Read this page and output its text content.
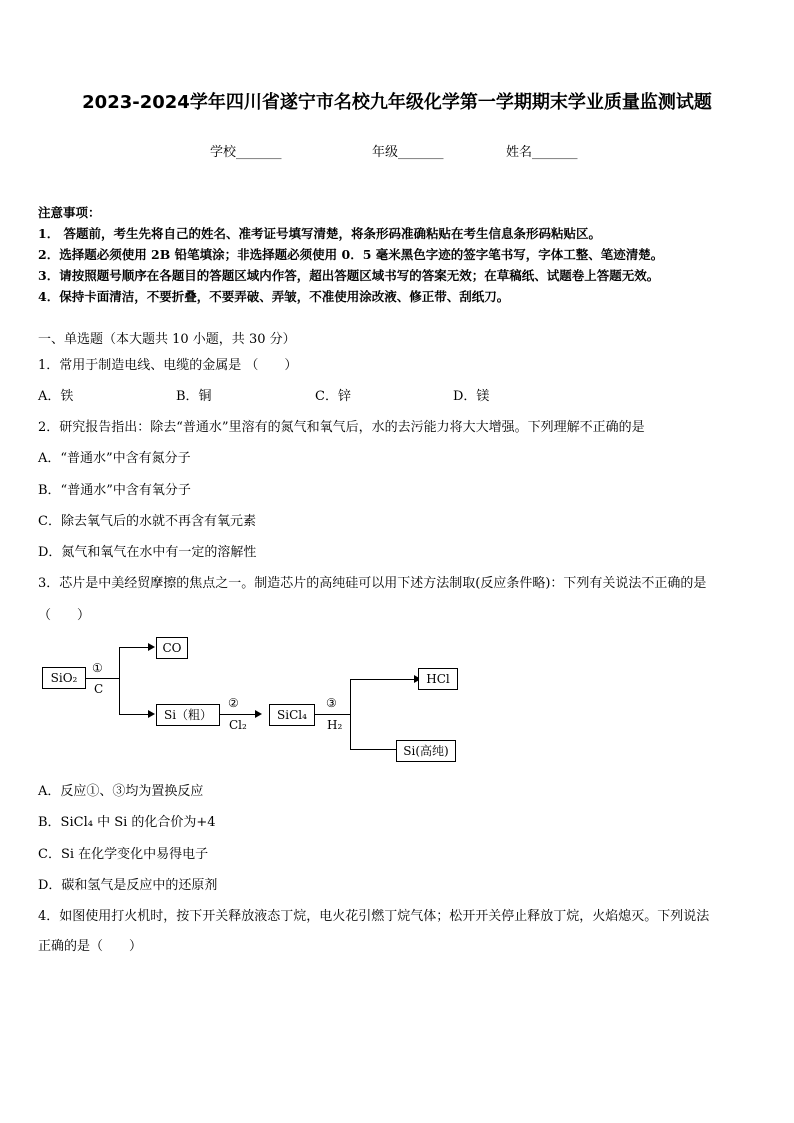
2023-2024学年四川省遂宁市名校九年级化学第一学期期末学业质量监测试题
学校_______	年级_______	姓名_______
注意事项：
1． 答题前，考生先将自己的姓名、准考证号填写清楚，将条形码准确粘贴在考生信息条形码粘贴区。
2．选择题必须使用 2B 铅笔填涂；非选择题必须使用 0．5 毫米黑色字迹的签字笔书写，字体工整、笔迹清楚。
3．请按照题号顺序在各题目的答题区域内作答，超出答题区域书写的答案无效；在草稿纸、试题卷上答题无效。
4．保持卡面清洁，不要折叠，不要弄破、弄皱，不准使用涂改液、修正带、刮纸刀。
一、单选题（本大题共 10 小题，共 30 分）
1．常用于制造电线、电缆的金属是 （　　）
A．铁	B．铜	C．锌	D．镁
2．研究报告指出：除去“普通水”里溶有的氮气和氧气后，水的去污能力将大大增强。下列理解不正确的是
A．“普通水”中含有氮分子
B．“普通水”中含有氧分子
C．除去氧气后的水就不再含有氧元素
D．氮气和氧气在水中有一定的溶解性
3．芯片是中美经贸摩擦的焦点之一。制造芯片的高纯硅可以用下述方法制取(反应条件略)：下列有关说法不正确的是
（　　）
SiO₂
①
C
CO
Si（粗）
②
Cl₂
SiCl₄
③
H₂
HCl
Si(高纯)
A．反应①、③均为置换反应
B．SiCl₄ 中 Si 的化合价为+4
C．Si 在化学变化中易得电子
D．碳和氢气是反应中的还原剂
4．如图使用打火机时，按下开关释放液态丁烷，电火花引燃丁烷气体；松开开关停止释放丁烷，火焰熄灭。下列说法
正确的是（　　）
